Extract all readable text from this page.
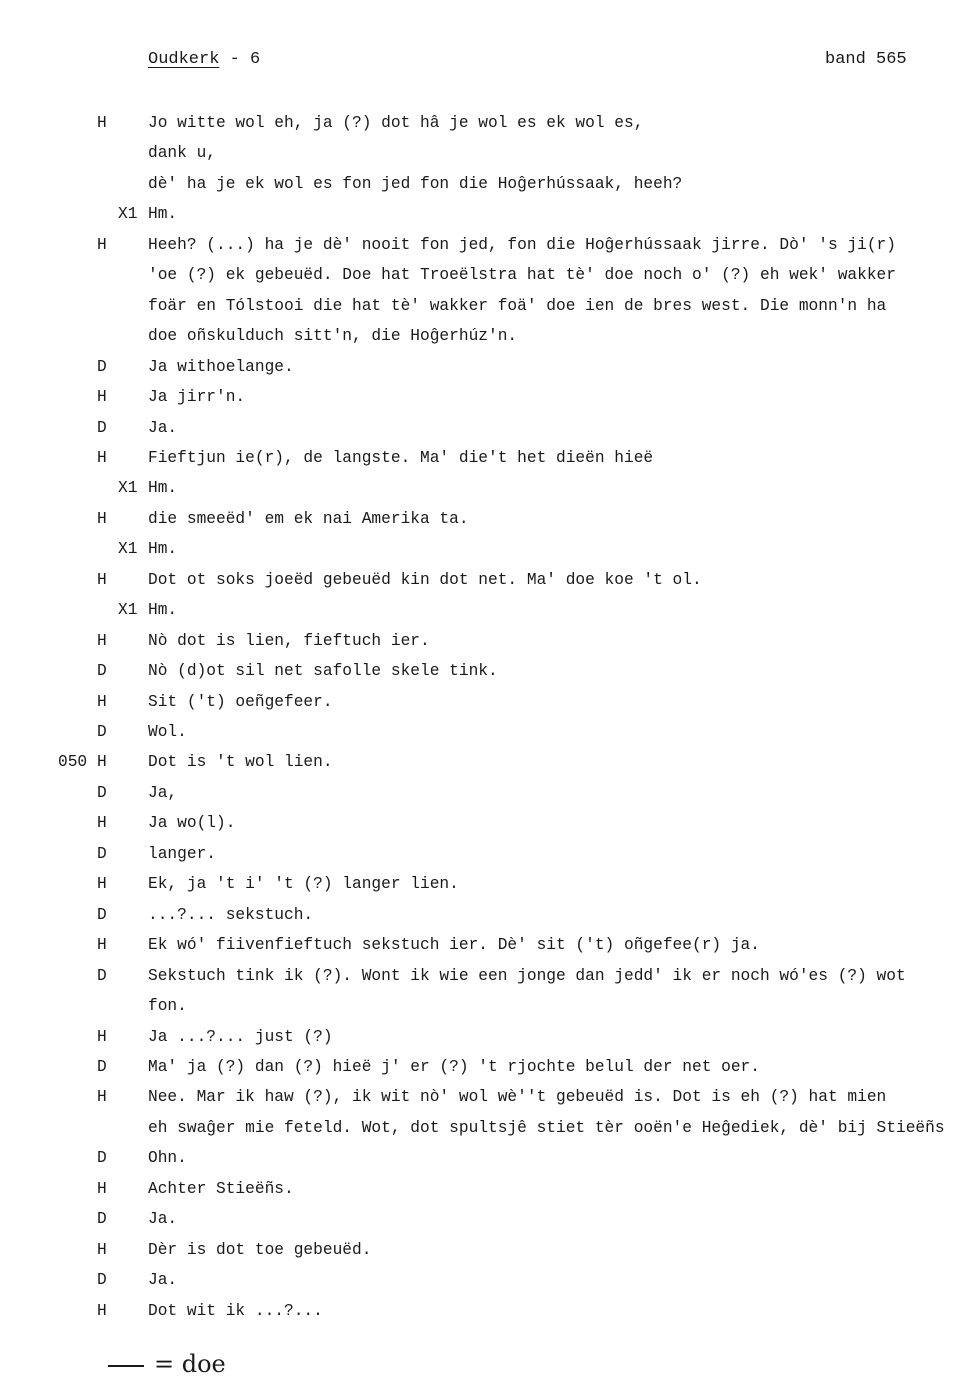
Oudkerk - 6	band 565
H	Jo witte wol eh, ja (?) dot hâ je wol es ek wol es,
dank u,
dè' ha je ek wol es fon jed fon die Hoĝerhússaak, heeh?
X1 Hm.
H	Heeh? (...) ha je dè' nooit fon jed, fon die Hoĝerhússaak jirre. Dò' 's ji(r)
'oe (?) ek gebeuëd. Doe hat Troeëlstra hat tè' doe noch o' (?) eh wek' wakker
foär en Tólstooi die hat tè' wakker foä' doe ien de bres west. Die monn'n ha
doe oñskulduch sitt'n, die Hoĝerhúz'n.
D	Ja withoelange.
H	Ja jirr'n.
D	Ja.
H	Fieftjun ie(r), de langste. Ma' die't het dieën hieë
X1 Hm.
H	die smeeëd' em ek nai Amerika ta.
X1 Hm.
H	Dot ot soks joeëd gebeuëd kin dot net. Ma' doe koe 't ol.
X1 Hm.
H	Nò dot is lien, fieftuch ier.
D	Nò (d)ot sil net safolle skele tink.
H	Sit ('t) oeñgefeer.
D	Wol.
050 H	Dot is 't wol lien.
D	Ja,
H	Ja wo(l).
D	langer.
H	Ek, ja 't i' 't (?) langer lien.
D	...?... sekstuch.
H	Ek wó' fiivenfieftuch sekstuch ier. Dè' sit ('t) oñgefee(r) ja.
D	Sekstuch tink ik (?). Wont ik wie een jonge dan jedd' ik er noch wó'es (?) wot
fon.
H	Ja ...?... just (?)
D	Ma' ja (?) dan (?) hieë j' er (?) 't rjochte belul der net oer.
H	Nee. Mar ik haw (?), ik wit nò' wol wè''t gebeuëd is. Dot is eh (?) hat mien
eh swaĝer mie feteld. Wot, dot spultsjê stiet tèr ooën'e Heĝediek, dè' bij Stieëñs
D	Ohn.
H	Achter Stieëñs.
D	Ja.
H	Dèr is dot toe gebeuëd.
D	Ja.
H	Dot wit ik ...?...
= doe
